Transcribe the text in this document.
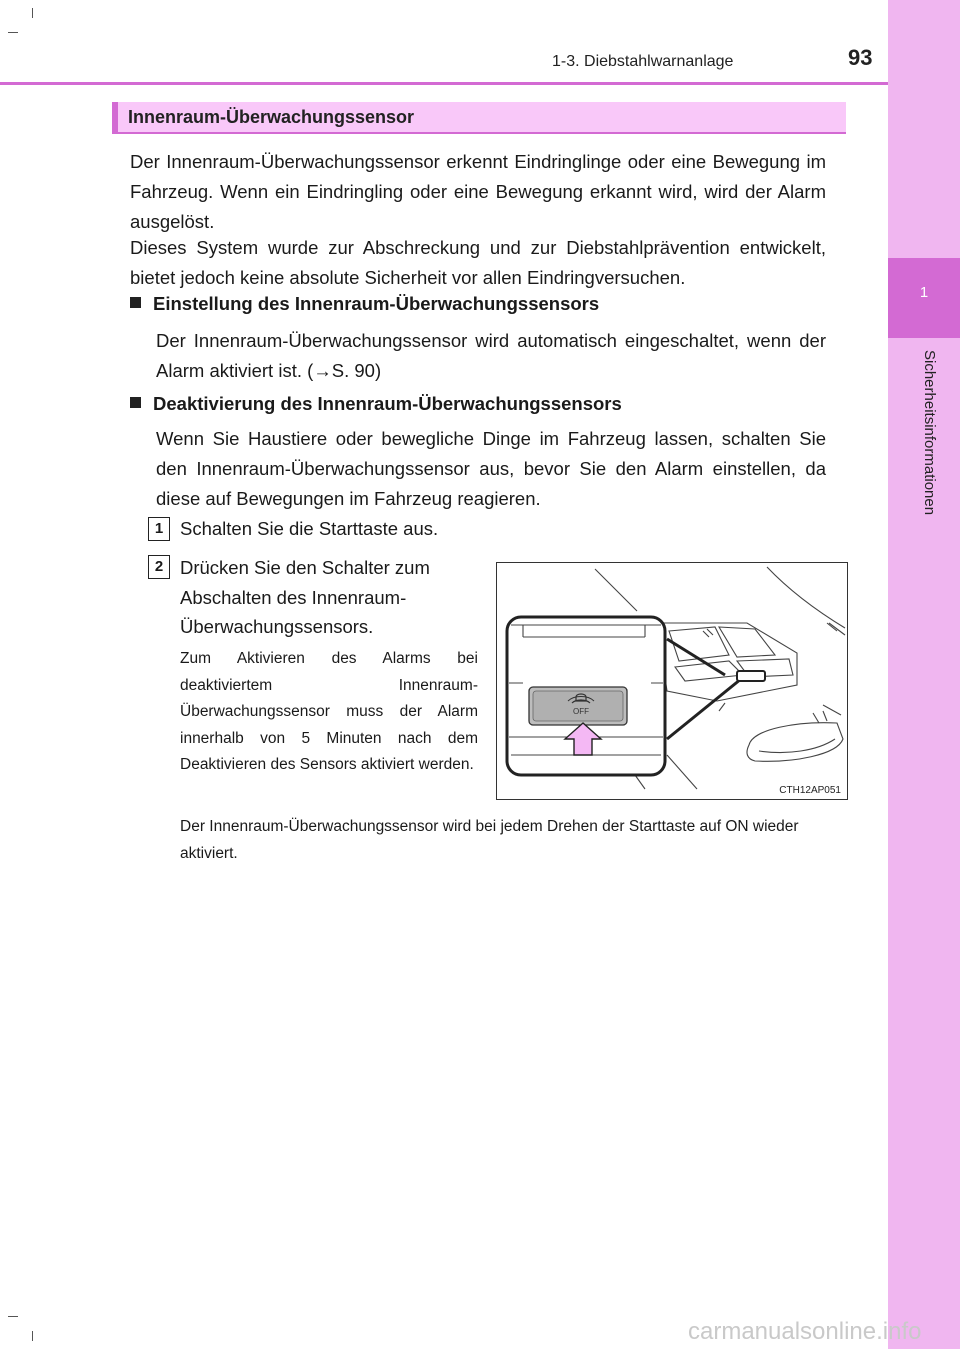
1
Sicherheitsinformationen
1-3. Diebstahlwarnanlage	93
Innenraum-Überwachungssensor

Der Innenraum-Überwachungssensor erkennt Eindringlinge oder eine Bewegung im Fahrzeug. Wenn ein Eindringling oder eine Bewegung erkannt wird, wird der Alarm ausgelöst.

Dieses System wurde zur Abschreckung und zur Diebstahlprävention entwickelt, bietet jedoch keine absolute Sicherheit vor allen Eindringversuchen.

Einstellung des Innenraum-Überwachungssensors

Der Innenraum-Überwachungssensor wird automatisch eingeschaltet, wenn der Alarm aktiviert ist. (→S. 90)

Deaktivierung des Innenraum-Überwachungssensors

Wenn Sie Haustiere oder bewegliche Dinge im Fahrzeug lassen, schalten Sie den Innenraum-Überwachungssensor aus, bevor Sie den Alarm einstellen, da diese auf Bewegungen im Fahrzeug reagieren.

1 Schalten Sie die Starttaste aus.
2 Drücken Sie den Schalter zum
Abschalten des Innenraum-
Überwachungssensors.

Zum Aktivieren des Alarms bei deaktiviertem Innenraum-Überwachungssensor muss der Alarm innerhalb von 5 Minuten nach dem Deaktivieren des Sensors aktiviert werden.

Der Innenraum-Überwachungssensor wird bei jedem Drehen der Starttaste auf ON wieder aktiviert.

OFF
CTH12AP051
carmanualsonline.info
